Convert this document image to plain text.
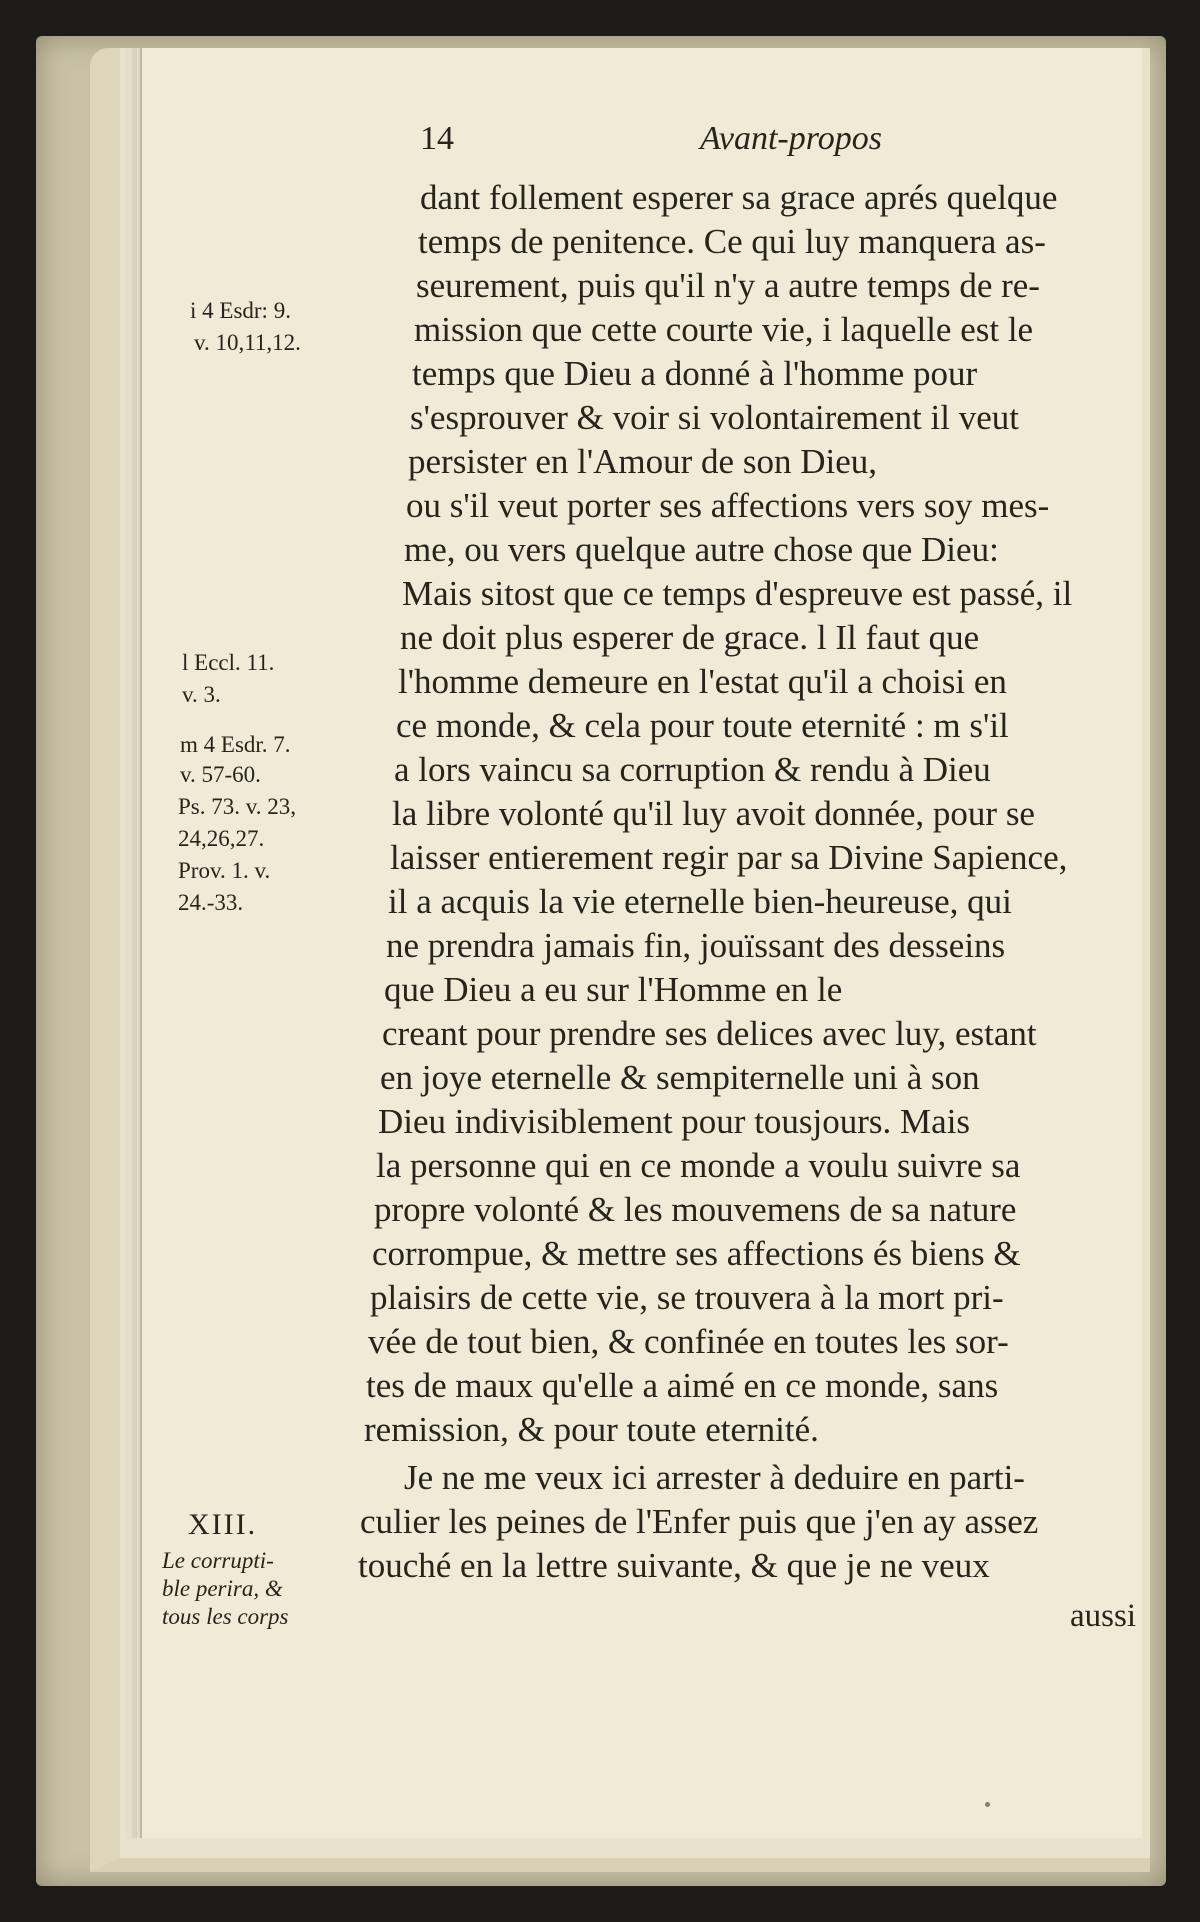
14	Avant-propos
i 4 Esdr: 9.
v. 10,11,12.
l Eccl. 11.
v. 3.
m 4 Esdr. 7.
v. 57-60.
Ps. 73. v. 23,
24,26,27.
Prov. 1. v.
24.-33.
XIII.
Le corrupti-
ble perira, &
tous les corps
dant follement esperer sa grace aprés quelque
temps de penitence. Ce qui luy manquera as-
seurement, puis qu'il n'y a autre temps de re-
mission que cette courte vie, i laquelle est le
temps que Dieu a donné à l'homme pour
s'esprouver & voir si volontairement il veut
persister en l'Amour de son Dieu,
ou s'il veut porter ses affections vers soy mes-
me, ou vers quelque autre chose que Dieu:
Mais sitost que ce temps d'espreuve est passé, il
ne doit plus esperer de grace. l Il faut que
l'homme demeure en l'estat qu'il a choisi en
ce monde, & cela pour toute eternité : m s'il
a lors vaincu sa corruption & rendu à Dieu
la libre volonté qu'il luy avoit donnée, pour se
laisser entierement regir par sa Divine Sapience,
il a acquis la vie eternelle bien-heureuse, qui
ne prendra jamais fin, jouïssant des desseins
que Dieu a eu sur l'Homme en le
creant pour prendre ses delices avec luy, estant
en joye eternelle & sempiternelle uni à son
Dieu indivisiblement pour tousjours. Mais
la personne qui en ce monde a voulu suivre sa
propre volonté & les mouvemens de sa nature
corrompue, & mettre ses affections és biens &
plaisirs de cette vie, se trouvera à la mort pri-
vée de tout bien, & confinée en toutes les sor-
tes de maux qu'elle a aimé en ce monde, sans
remission, & pour toute eternité.
Je ne me veux ici arrester à deduire en parti-
culier les peines de l'Enfer puis que j'en ay assez
touché en la lettre suivante, & que je ne veux
aussi
